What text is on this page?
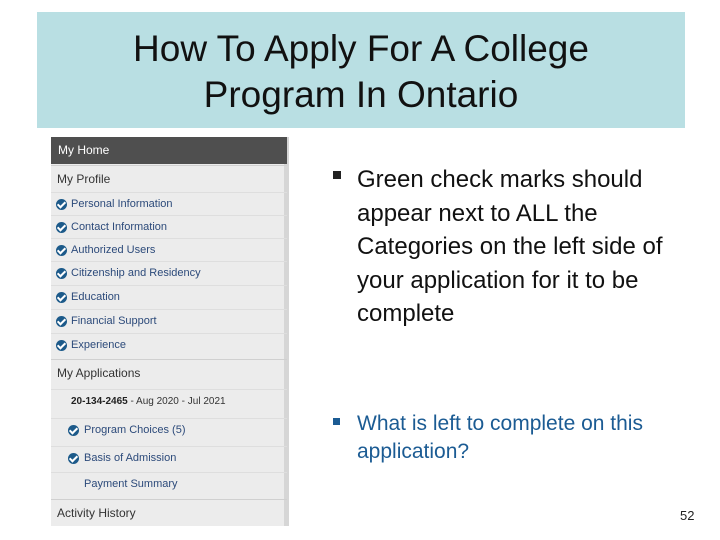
How To Apply For A College
Program In Ontario
My Home
My Profile
Personal Information
Contact Information
Authorized Users
Citizenship and Residency
Education
Financial Support
Experience
My Applications
20-134-2465 - Aug 2020 - Jul 2021
Program Choices (5)
Basis of Admission
Payment Summary
Activity History
Green check marks should appear next to ALL the Categories on the left side of your application for it to be complete
What is left to complete on this application?
52
